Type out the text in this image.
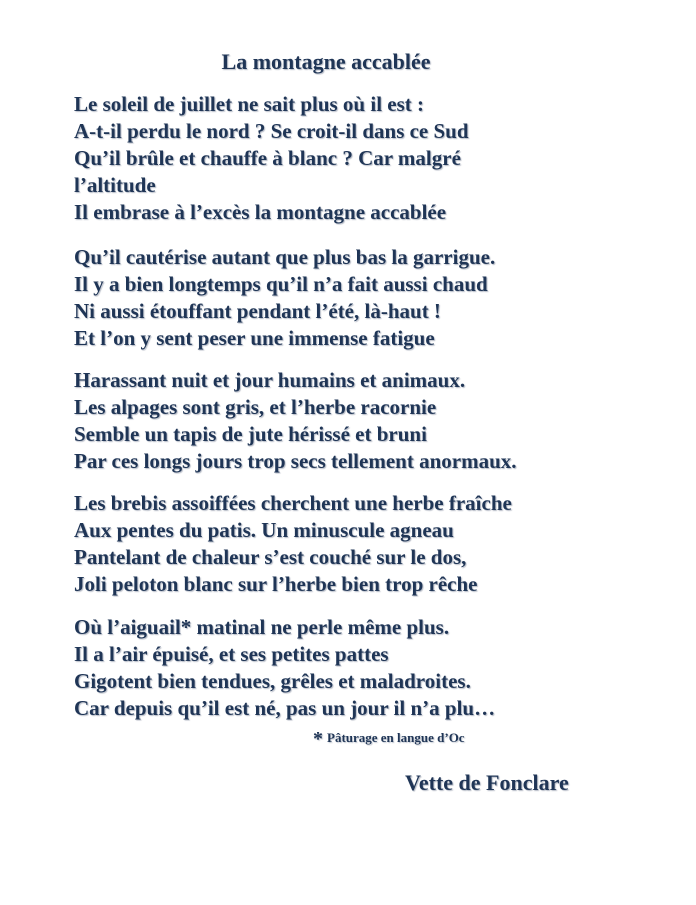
La montagne accablée

Le soleil de juillet ne sait plus où il est :
A-t-il perdu le nord ? Se croit-il dans ce Sud
Qu’il brûle et chauffe à blanc ? Car malgré
l’altitude
Il embrase à l’excès la montagne accablée

Qu’il cautérise autant que plus bas la garrigue.
Il y a bien longtemps qu’il n’a fait aussi chaud
Ni aussi étouffant pendant l’été, là-haut !
Et l’on y sent peser une immense fatigue

Harassant nuit et jour humains et animaux.
Les alpages sont gris, et l’herbe racornie
Semble un tapis de jute hérissé et bruni
Par ces longs jours trop secs tellement anormaux.

Les brebis assoiffées cherchent une herbe fraîche
Aux pentes du patis. Un minuscule agneau
Pantelant de chaleur s’est couché sur le dos,
Joli peloton blanc sur l’herbe bien trop rêche

Où l’aiguail* matinal ne perle même plus.
Il a l’air épuisé, et ses petites pattes
Gigotent bien tendues, grêles et maladroites.
Car depuis qu’il est né, pas un jour il n’a plu…

* Pâturage en langue d’Oc
Vette de Fonclare
